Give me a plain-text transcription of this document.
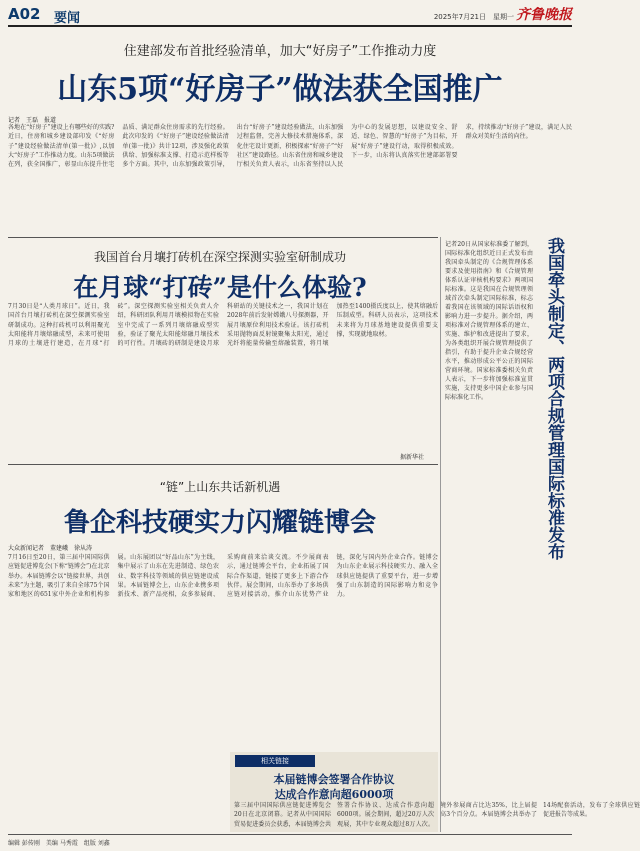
A02 要闻	2025年7月21日　星期一 齐鲁晚报
住建部发布首批经验清单，加大“好房子”工作推动力度
山东5项“好房子”做法获全国推广
记者　王磊　报道
各地在“好房子”建设上有哪些好的实践?近日，住房和城乡建设部印发《“好房子”建设经验做法清单(第一批)》,以加大“好房子”工作推动力度。山东5项做法在列，获全国推广，彰显山东提升住宅品质、满足群众住房需求的先行经验。此次印发的《“好房子”建设经验做法清单(第一批)》共计12项，涉及强化政策供给、加强标准支撑、打造示范样板等多个方面。其中，山东加强政策引导，出台“好房子”建设经验做法，山东加强过程监督，完善大修技术措施体系，深化住宅设计更新，积极探索“好房子”“好社区”建设路径。山东省住房和城乡建设厅相关负责人表示，山东省坚持以人民为中心的发展思想，以建设安全、舒适、绿色、智慧的“好房子”为目标，开展“好房子”建设行动，取得积极成效。下一步，山东将认真落实住建部部署要求，持续推动“好房子”建设，满足人民群众对美好生活的向往。
我国首台月壤打砖机在深空探测实验室研制成功
在月球“打砖”是什么体验?
7月30日是“人类月球日”。近日，我国首台月壤打砖机在深空探测实验室研制成功。这种打砖机可以利用聚光太阳能将月壤熔融成型，未来可使用月球的土壤进行建造，在月球“打砖”。深空探测实验室相关负责人介绍，科研团队利用月壤模拟物在实验室中完成了一系列月壤熔融成型实验，验证了聚光太阳能熔融月壤技术的可行性。月壤砖的研制是建设月球科研站的关键技术之一，我国计划在2028年前后发射嫦娥八号探测器，开展月壤原位利用技术验证。该打砖机采用抛物面反射镜聚集太阳光，通过光纤将能量传输至熔融装置，将月壤加热至1400摄氏度以上，使其熔融后压制成型。科研人员表示，这项技术未来将为月球基地建设提供重要支撑，实现就地取材。
据新华社
“链”上山东共话新机遇
鲁企科技硬实力闪耀链博会
大众新闻记者　董建峨　徐从涛
7月16日至20日，第三届中国国际供应链促进博览会(下称“链博会”)在北京举办。本届链博会以“链接世界，共创未来”为主题，吸引了来自全球75个国家和地区的651家中外企业和机构参展。山东展团以“好品山东”为主线，集中展示了山东在先进制造、绿色农业、数字科技等领域的供应链建设成果。本届链博会上，山东企业携多项新技术、新产品亮相，众多参展商、采购商前来洽谈交流。不少展商表示，通过链博会平台，企业拓展了国际合作渠道，链接了更多上下游合作伙伴。展会期间，山东举办了多场供应链对接活动，推介山东优势产业链，深化与国内外企业合作。链博会为山东企业展示科技硬实力、融入全球供应链提供了重要平台，进一步增强了山东制造的国际影响力和竞争力。
相关链接
本届链博会签署合作协议
达成合作意向超6000项
第三届中国国际供应链促进博览会20日在北京闭幕。记者从中国国际贸易促进委员会获悉，本届链博会共签署合作协议、达成合作意向超6000项。展会期间，超过20万人次观展，其中专业观众超过8万人次。境外参展商占比达35%，比上届提高3个百分点。本届链博会共举办了14场配套活动，发布了全球供应链促进报告等成果。
我国牵头制定、两项合规管理国际标准发布
记者20日从国家标准委了解到，国际标准化组织近日正式发布由我国牵头制定的《合规管理体系要求及使用指南》和《合规管理体系认证审核机构要求》两项国际标准。这是我国在合规管理领域首次牵头制定国际标准，标志着我国在该领域的国际话语权和影响力进一步提升。据介绍，两项标准对合规管理体系的建立、实施、维护和改进提出了要求，为各类组织开展合规管理提供了指引，有助于提升企业合规经营水平，推动形成公平公正的国际营商环境。国家标准委相关负责人表示，下一步将加强标准宣贯实施，支持更多中国企业参与国际标准化工作。
编辑 彭传刚　美编 马秀霞　组版 刘鑫
